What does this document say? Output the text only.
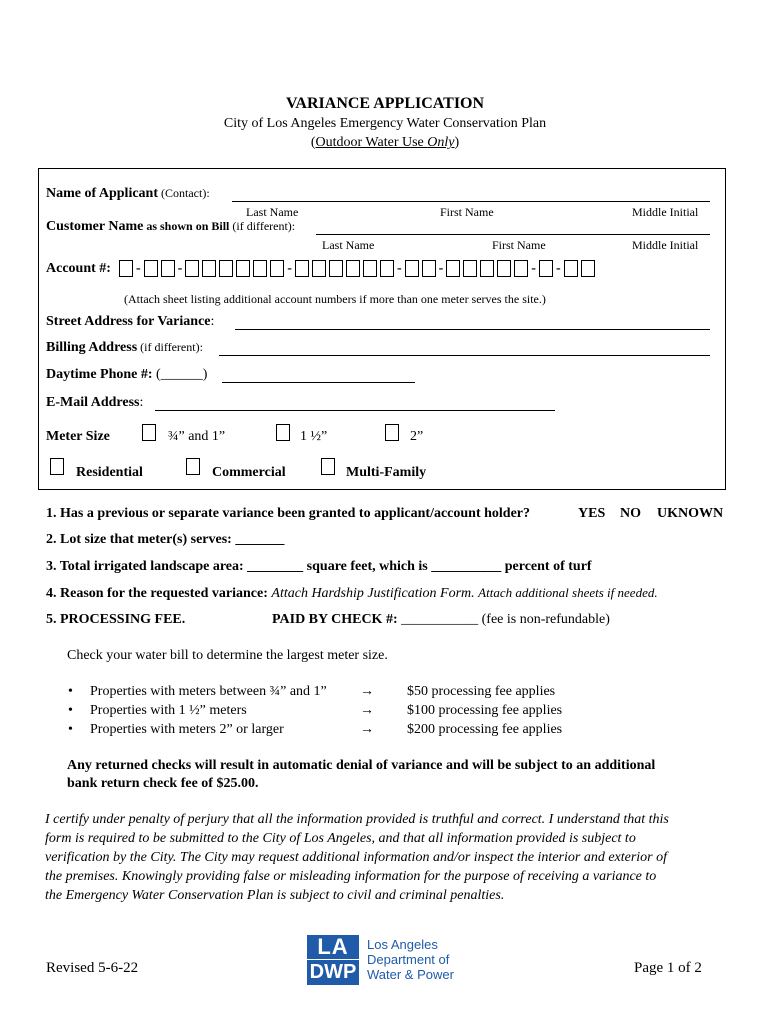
VARIANCE APPLICATION
City of Los Angeles Emergency Water Conservation Plan
(Outdoor Water Use Only)
Name of Applicant (Contact):
Last Name	First Name	Middle Initial
Customer Name as shown on Bill (if different):
Last Name	First Name	Middle Initial
Account #: -	-	-	-	-	- -
(Attach sheet listing additional account numbers if more than one meter serves the site.)
Street Address for Variance:
Billing Address (if different):
Daytime Phone #: (______)
E-Mail Address:
Meter Size	¾” and 1”	1 ½”	2”
Residential	Commercial	Multi-Family
1. Has a previous or separate variance been granted to applicant/account holder?	YES NO UKNOWN
2. Lot size that meter(s) serves: _______
3. Total irrigated landscape area: ________ square feet, which is __________ percent of turf
4. Reason for the requested variance: Attach Hardship Justification Form. Attach additional sheets if needed.
5. PROCESSING FEE.	PAID BY CHECK #: ___________ (fee is non-refundable)
Check your water bill to determine the largest meter size.
• Properties with meters between ¾” and 1” → $50 processing fee applies
• Properties with 1 ½” meters	→ $100 processing fee applies
• Properties with meters 2” or larger	→ $200 processing fee applies
Any returned checks will result in automatic denial of variance and will be subject to an additional
bank return check fee of $25.00.
I certify under penalty of perjury that all the information provided is truthful and correct. I understand that this
form is required to be submitted to the City of Los Angeles, and that all information provided is subject to
verification by the City. The City may request additional information and/or inspect the interior and exterior of
the premises. Knowingly providing false or misleading information for the purpose of receiving a variance to
the Emergency Water Conservation Plan is subject to civil and criminal penalties.
Revised 5-6-22	Page 1 of 2
LA
DWP
Los Angeles
Department of
Water & Power
